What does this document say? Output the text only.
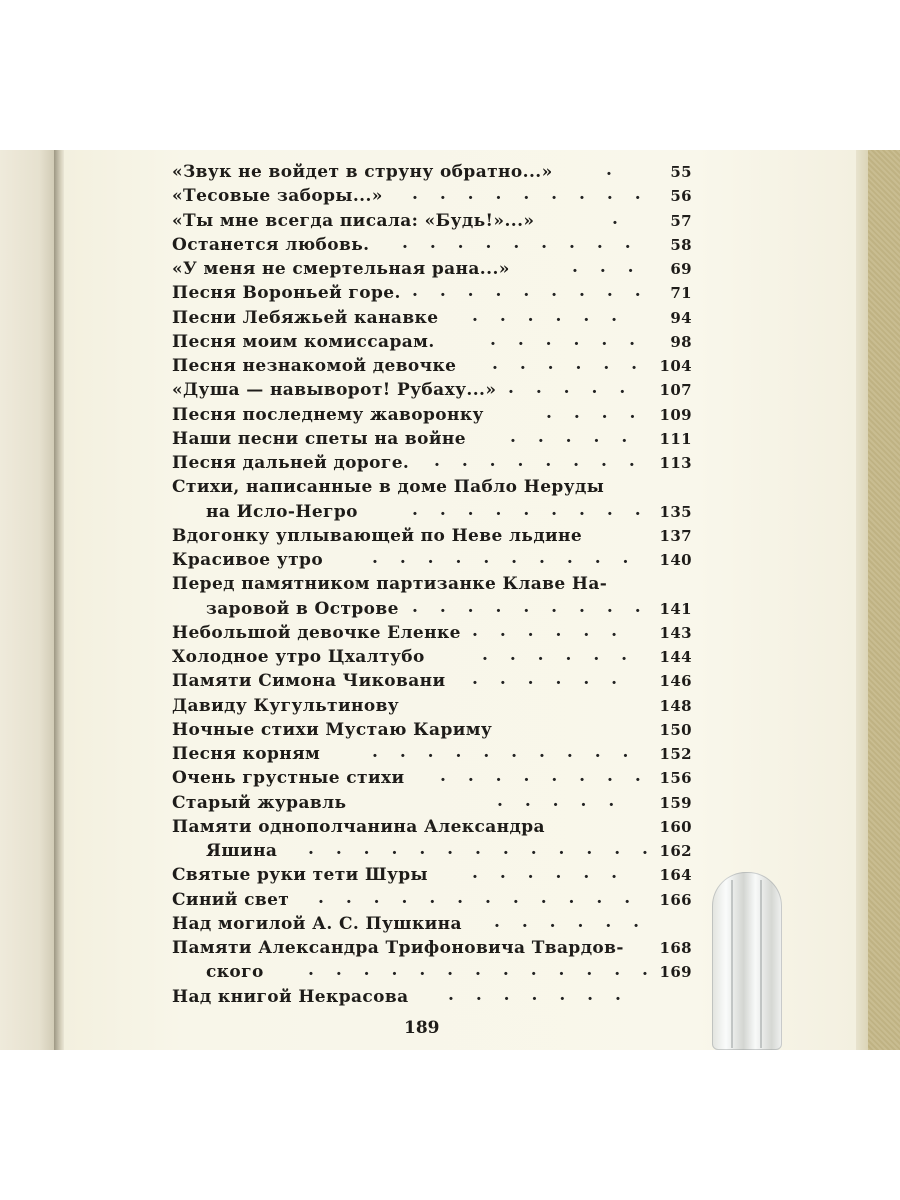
«Звук не войдет в струну обратно...»	.	55
«Тесовые заборы...» . . . . . . . . . 56
«Ты мне всегда писала: «Будь!»...»	.	57
Останется любовь. . . . . . . . . . 58
«У меня не смертельная рана...»	. . . 69
Песня Вороньей горе. . . . . . . . . . 71
Песни Лебяжьей канавке . . . . . .	94
Песня моим комиссарам.	. . . . . . 98
Песня незнакомой девочке . . . . . . 104
«Душа — навыворот! Рубаху...» . . . . . 107
Песня последнему жаворонку	. . . . 109
Наши песни спеты на войне	. . . . . 111
Песня дальней дороге. . . . . . . . . 113
Стихи, написанные в доме Пабло Неруды
на Исло-Негро	. . . . . . . . . 135
Вдогонку уплывающей по Неве льдине	137
Красивое утро	. . . . . . . . . . 140
Перед памятником партизанке Клаве На-
заровой в Острове . . . . . . . . . 141
Небольшой девочке Еленке . . . . . . 143
Холодное утро Цхалтубо	. . . . . . 144
Памяти Симона Чиковани . . . . . . 146
Давиду Кугультинову	148
Ночные стихи Мустаю Кариму	150
Песня корням	. . . . . . . . . . 152
Очень грустные стихи . . . . . . . . 156
Старый журавль	. . . . . 159
Памяти однополчанина Александра	160
Яшина . . . . . . . . . . . . . 162
Святые руки тети Шуры	. . . . . . 164
Синий свет . . . . . . . . . . . . 166
Над могилой А. С. Пушкина . . . . . .
Памяти Александра Трифоновича Твардов- 168
ского	. . . . . . . . . . . . . 169
Над книгой Некрасова . . . . . . .
189
